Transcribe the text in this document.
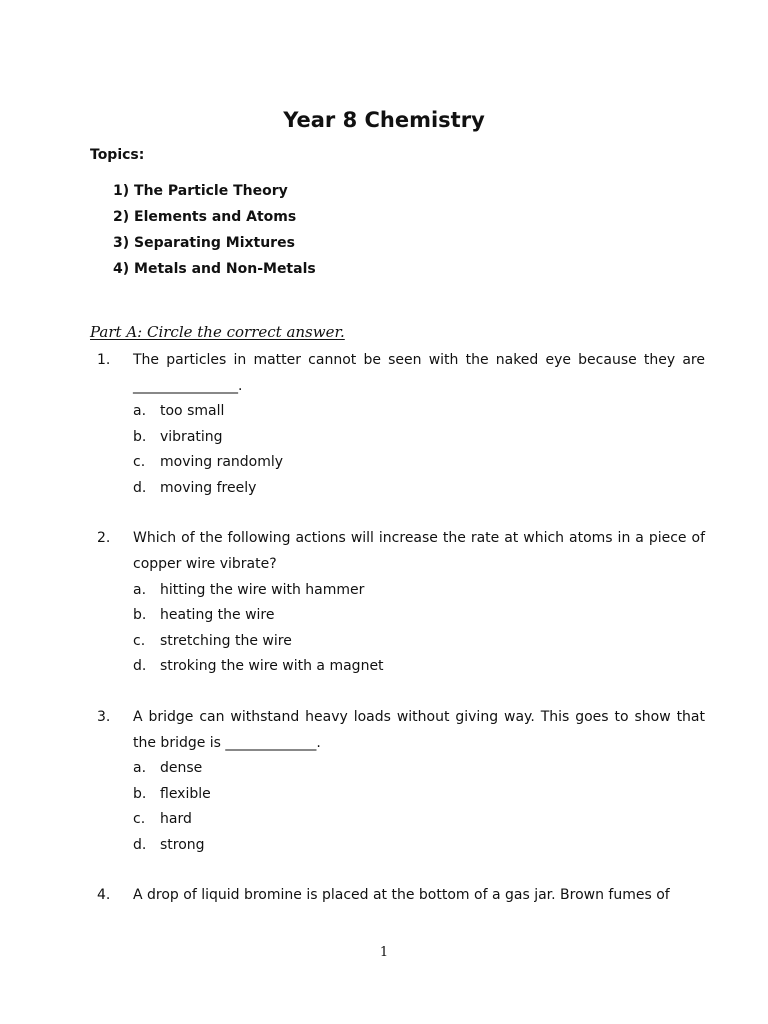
Year 8 Chemistry
Topics:
1) The Particle Theory
2) Elements and Atoms
3) Separating Mixtures
4) Metals and Non-Metals
Part A: Circle the correct answer.
1. The particles in matter cannot be seen with the naked eye because they are _______________.
a. too small
b. vibrating
c. moving randomly
d. moving freely
2. Which of the following actions will increase the rate at which atoms in a piece of copper wire vibrate?
a. hitting the wire with hammer
b. heating the wire
c. stretching the wire
d. stroking the wire with a magnet
3. A bridge can withstand heavy loads without giving way. This goes to show that the bridge is _____________.
a. dense
b. flexible
c. hard
d. strong
4. A drop of liquid bromine is placed at the bottom of a gas jar. Brown fumes of
1
